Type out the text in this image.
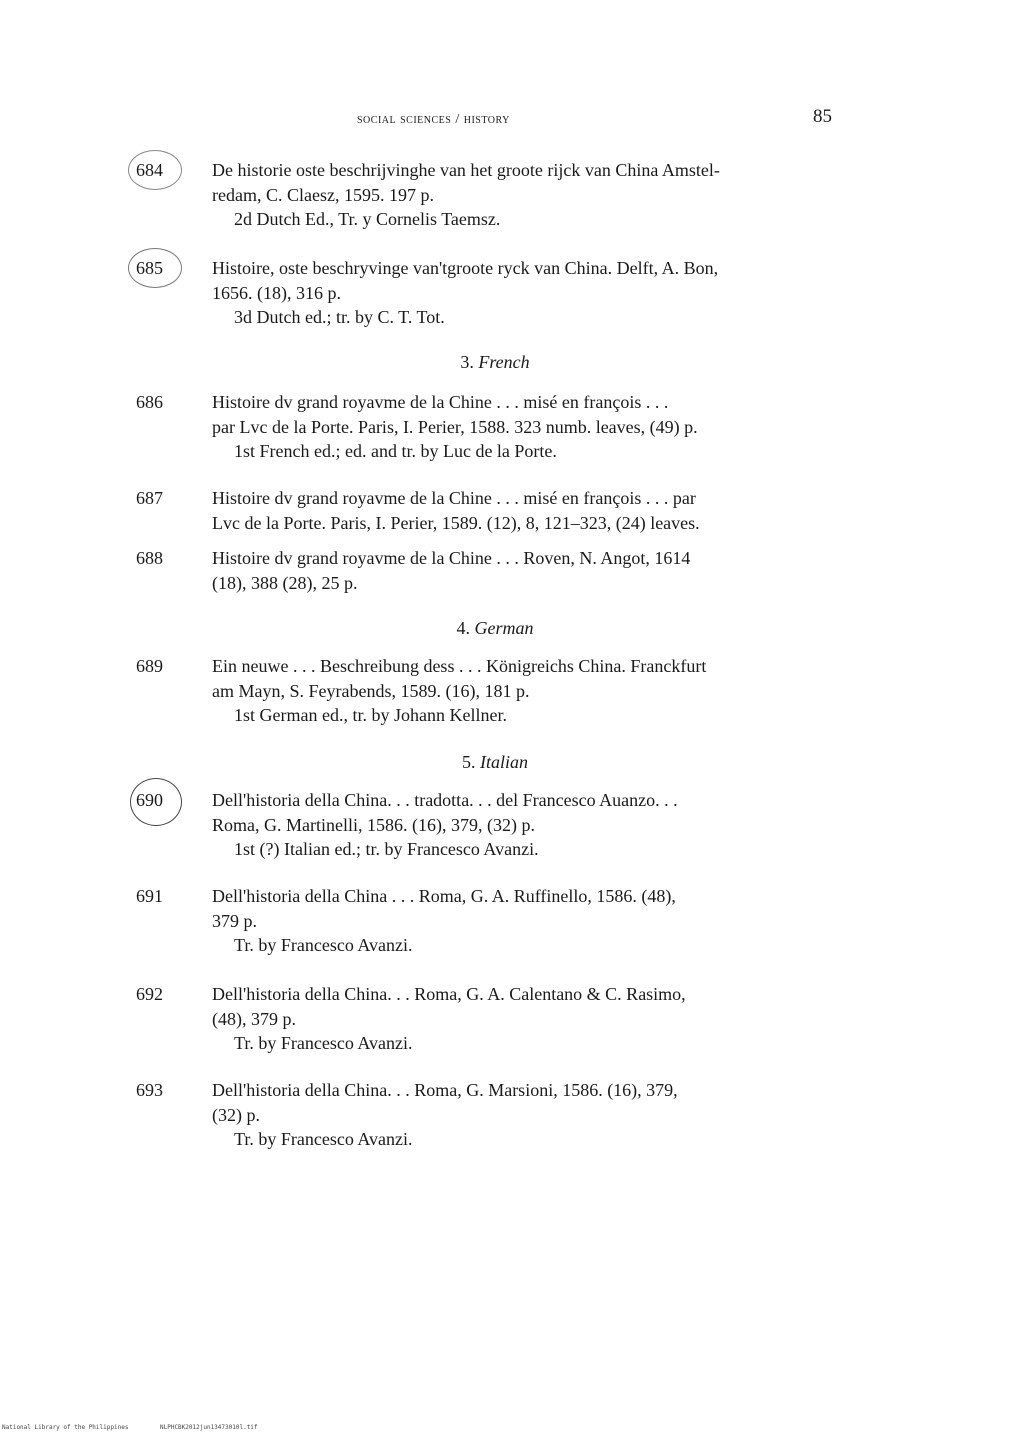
social sciences / history	85
684	De historie oste beschrijvinghe van het groote rijck van China Amstel-
redam, C. Claesz, 1595. 197 p.
2d Dutch Ed., Tr. y Cornelis Taemsz.
685	Histoire, oste beschryvinge van'tgroote ryck van China. Delft, A. Bon,
1656. (18), 316 p.
3d Dutch ed.; tr. by C. T. Tot.
3. French
686	Histoire dv grand royavme de la Chine . . . misé en françois . . .
par Lvc de la Porte. Paris, I. Perier, 1588. 323 numb. leaves, (49) p.
1st French ed.; ed. and tr. by Luc de la Porte.
687	Histoire dv grand royavme de la Chine . . . misé en françois . . . par
Lvc de la Porte. Paris, I. Perier, 1589. (12), 8, 121–323, (24) leaves.
688	Histoire dv grand royavme de la Chine . . . Roven, N. Angot, 1614
(18), 388 (28), 25 p.
4. German
689	Ein neuwe . . . Beschreibung dess . . . Königreichs China. Franckfurt
am Mayn, S. Feyrabends, 1589. (16), 181 p.
1st German ed., tr. by Johann Kellner.
5. Italian
690	Dell'historia della China. . . tradotta. . . del Francesco Auanzo. . .
Roma, G. Martinelli, 1586. (16), 379, (32) p.
1st (?) Italian ed.; tr. by Francesco Avanzi.
691	Dell'historia della China . . . Roma, G. A. Ruffinello, 1586. (48),
379 p.
Tr. by Francesco Avanzi.
692	Dell'historia della China. . . Roma, G. A. Calentano & C. Rasimo,
(48), 379 p.
Tr. by Francesco Avanzi.
693	Dell'historia della China. . . Roma, G. Marsioni, 1586. (16), 379,
(32) p.
Tr. by Francesco Avanzi.
National Library of the Philippines	NLPHCBK2012jun13473010l.tif
